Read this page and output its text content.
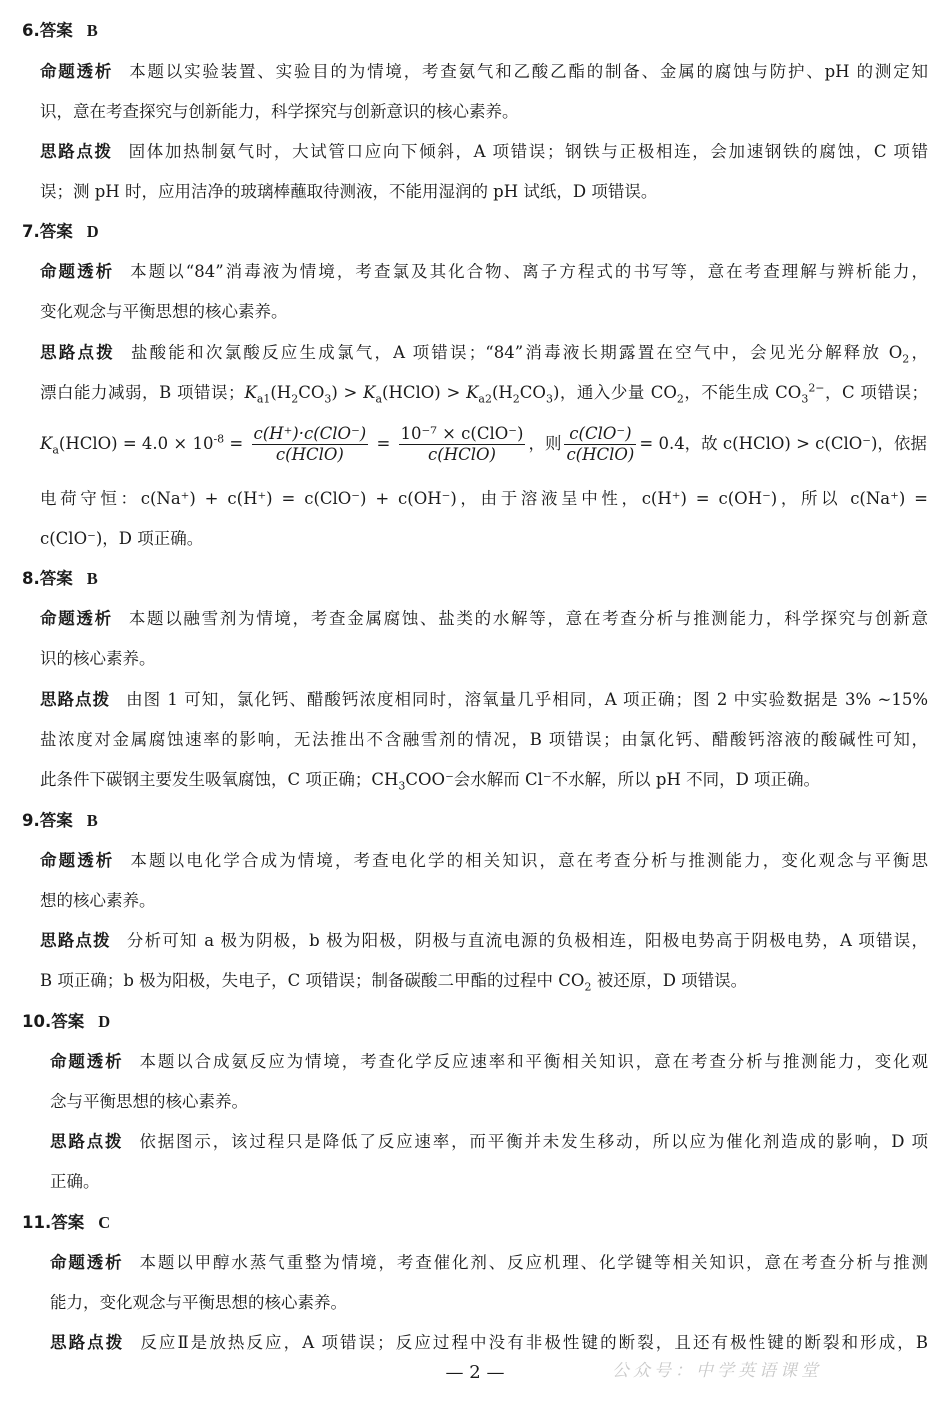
6.答案 B
命题透析 本题以实验装置、实验目的为情境，考查氨气和乙酸乙酯的制备、金属的腐蚀与防护、pH 的测定知
识，意在考查探究与创新能力，科学探究与创新意识的核心素养。
思路点拨 固体加热制氨气时，大试管口应向下倾斜，A 项错误；钢铁与正极相连，会加速钢铁的腐蚀，C 项错
误；测 pH 时，应用洁净的玻璃棒蘸取待测液，不能用湿润的 pH 试纸，D 项错误。
7.答案 D
命题透析 本题以“84”消毒液为情境，考查氯及其化合物、离子方程式的书写等，意在考查理解与辨析能力，
变化观念与平衡思想的核心素养。
思路点拨 盐酸能和次氯酸反应生成氯气，A 项错误；“84”消毒液长期露置在空气中，会见光分解释放 $O_2$，
漂白能力减弱，B 项错误；$K_{a1}(H_2CO_3)$ > $K_a(HClO) > K_{a2}(H_2CO_3)$，通入少量 $CO_2$，不能生成 $CO_3^{2-}$，C 项错误；
$K_a(HClO) = 4.0 \times 10^{-8} = \frac{\text{c(H⁺)·c(ClO⁻)}}{\text{c(HClO)}} = \frac{\text{10⁻⁷ × c(ClO⁻)}}{\text{c(HClO)}}$ ，则 $\frac{\text{c(ClO⁻)}}{\text{c(HClO)}} = 0.4$，故 c(HClO) > c(ClO⁻)，依据
电荷守恒：c(Na⁺) + c(H⁺) = c(ClO⁻) + c(OH⁻)，由于溶液呈中性，c(H⁺) = c(OH⁻)，所以 c(Na⁺) =
c(ClO⁻)，D 项正确。
8.答案 B
命题透析 本题以融雪剂为情境，考查金属腐蚀、盐类的水解等，意在考查分析与推测能力，科学探究与创新意
识的核心素养。
思路点拨 由图 1 可知，氯化钙、醋酸钙浓度相同时，溶氧量几乎相同，A 项正确；图 2 中实验数据是 3% ~15%
盐浓度对金属腐蚀速率的影响，无法推出不含融雪剂的情况，B 项错误；由氯化钙、醋酸钙溶液的酸碱性可知，
此条件下碳钢主要发生吸氧腐蚀，C 项正确；$CH_3COO^-$会水解而 Cl⁻不水解，所以 pH 不同，D 项正确。
9.答案 B
命题透析 本题以电化学合成为情境，考查电化学的相关知识，意在考查分析与推测能力，变化观念与平衡思
想的核心素养。
思路点拨 分析可知 a 极为阴极，b 极为阳极，阴极与直流电源的负极相连，阳极电势高于阴极电势，A 项错误，
B 项正确；b 极为阳极，失电子，C 项错误；制备碳酸二甲酯的过程中 $CO_2$ 被还原，D 项错误。
10.答案 D
命题透析 本题以合成氨反应为情境，考查化学反应速率和平衡相关知识，意在考查分析与推测能力，变化观
念与平衡思想的核心素养。
思路点拨 依据图示，该过程只是降低了反应速率，而平衡并未发生移动，所以应为催化剂造成的影响，D 项
正确。
11.答案 C
命题透析 本题以甲醇水蒸气重整为情境，考查催化剂、反应机理、化学键等相关知识，意在考查分析与推测
能力，变化观念与平衡思想的核心素养。
思路点拨 反应Ⅱ是放热反应，A 项错误；反应过程中没有非极性键的断裂，且还有极性键的断裂和形成，B
— 2 —	公众号：中学英语课堂
